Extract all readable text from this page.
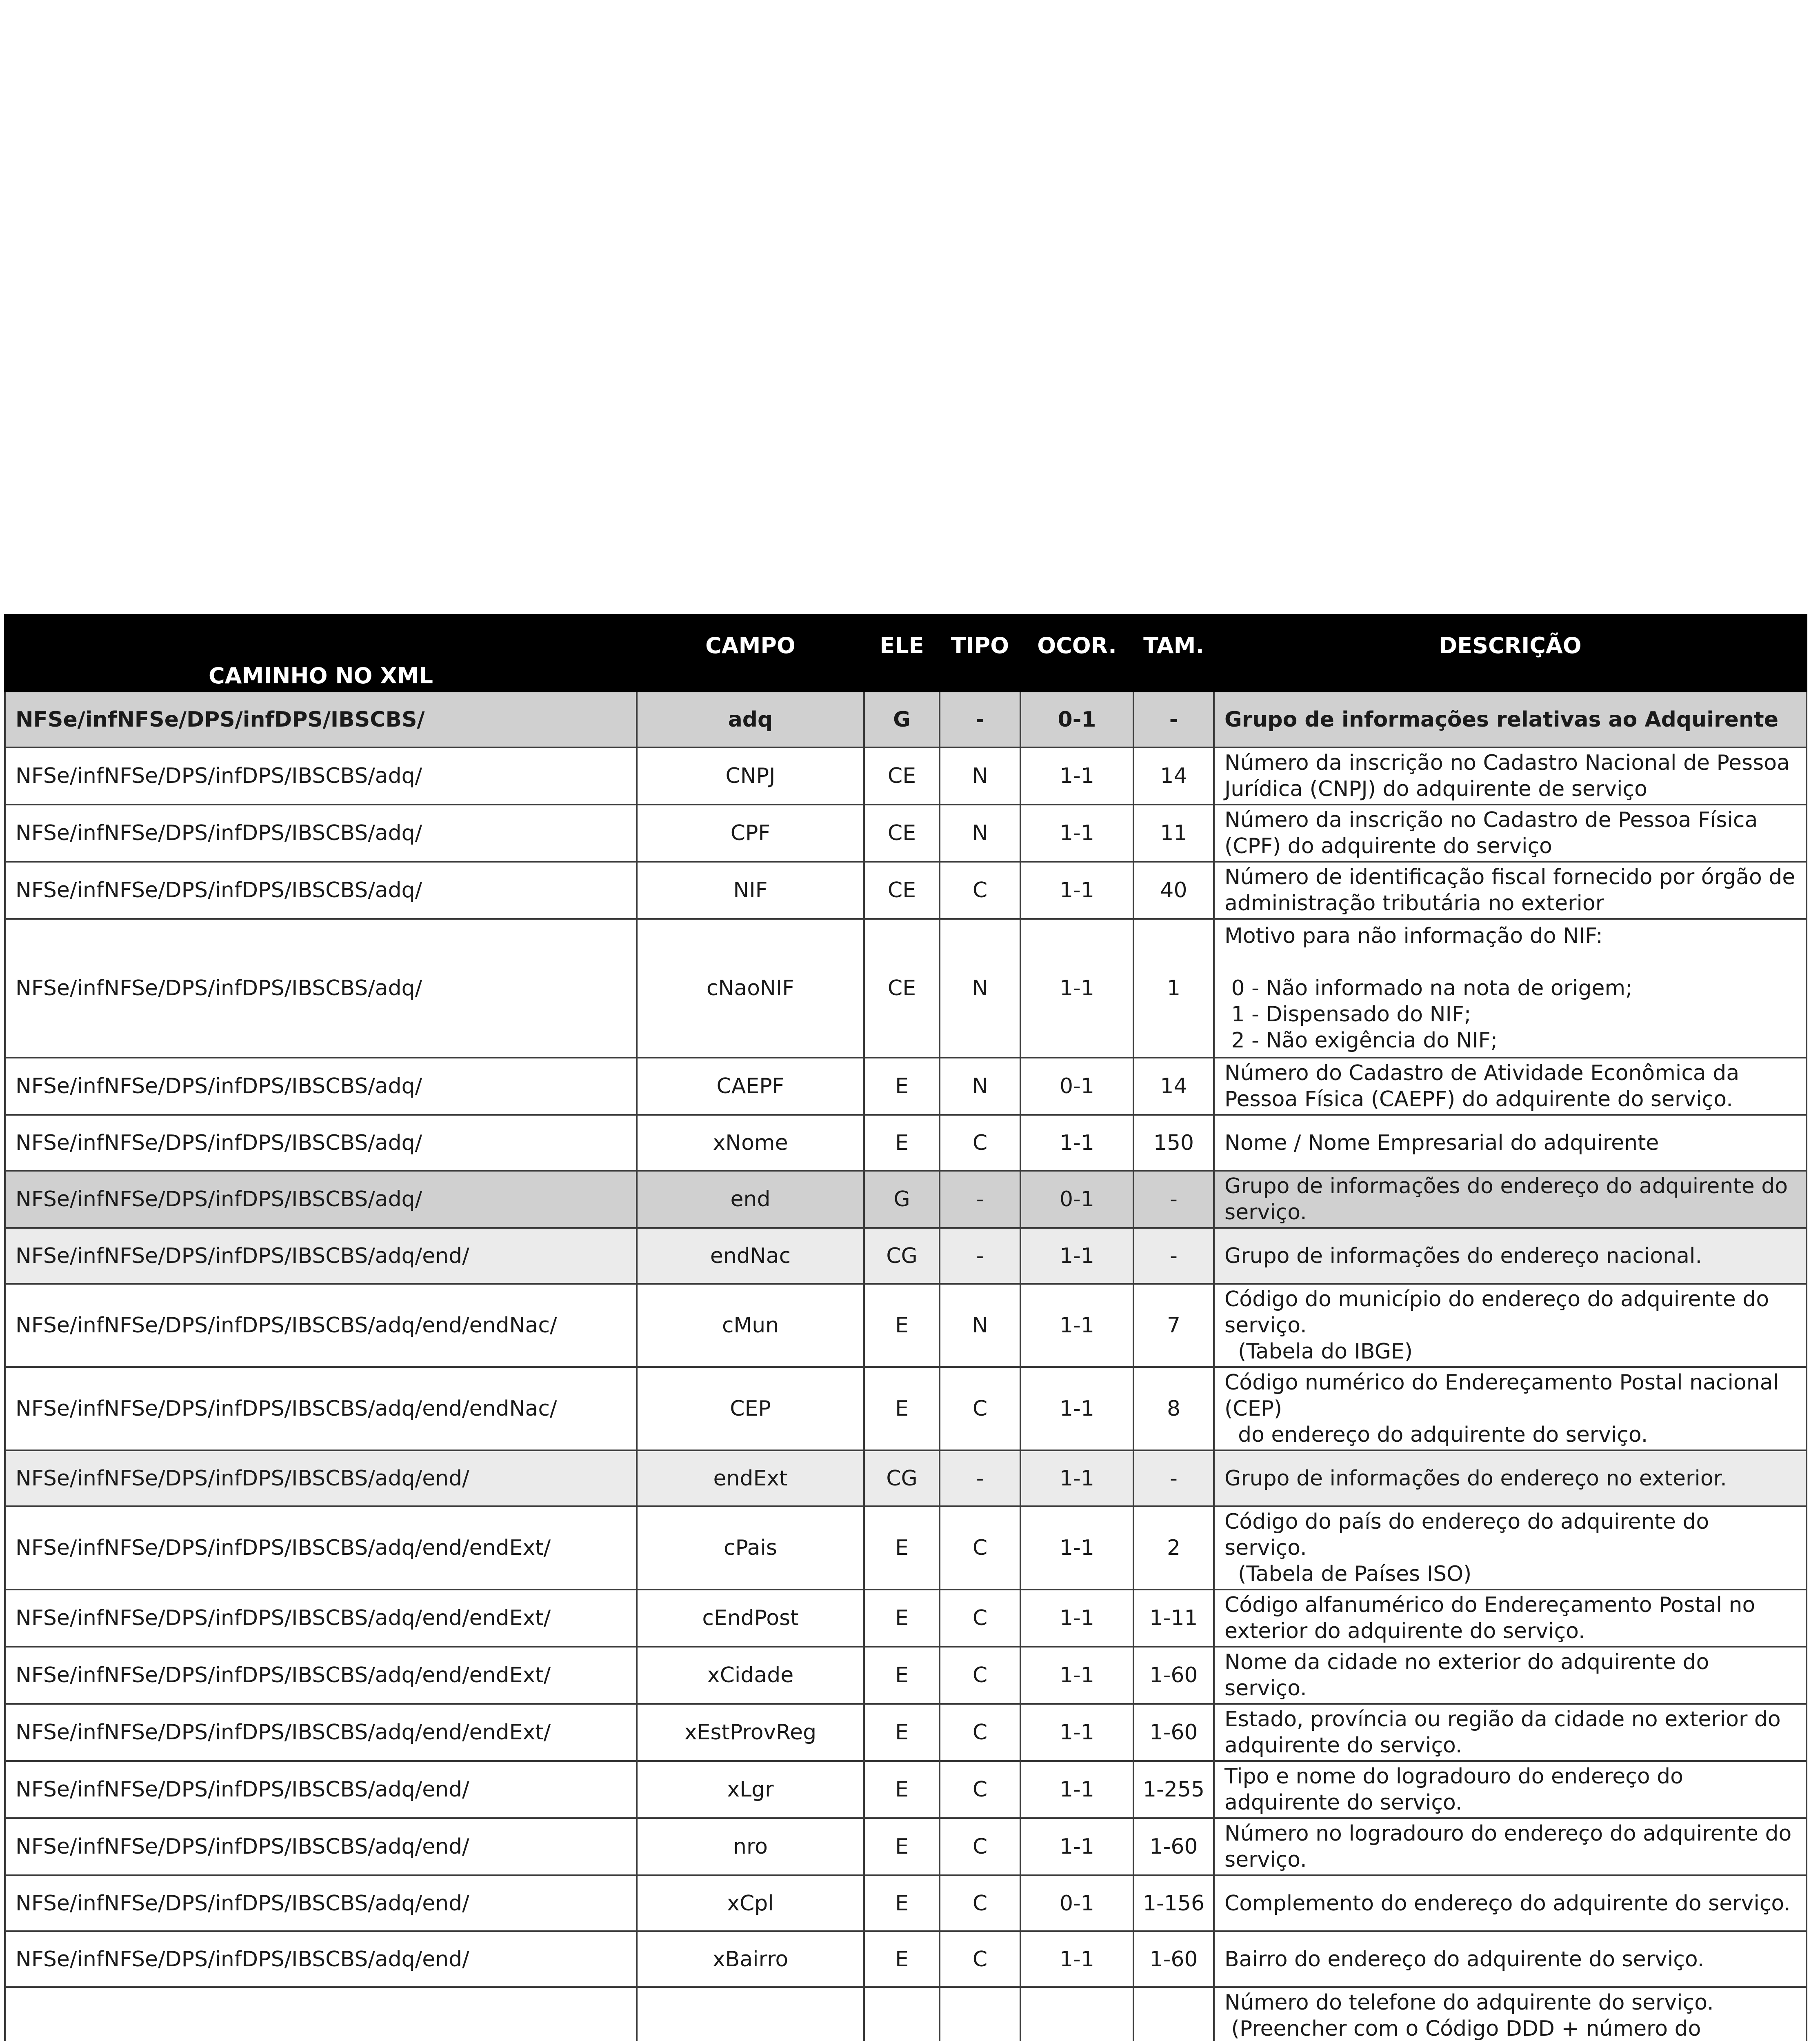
CAMINHO NO XML	CAMPO	ELE	TIPO	OCOR.	TAM.	DESCRIÇÃO
NFSe/infNFSe/DPS/infDPS/IBSCBS/	adq	G	-	0-1	-	Grupo de informações relativas ao Adquirente
NFSe/infNFSe/DPS/infDPS/IBSCBS/adq/	CNPJ	CE	N	1-1	14	Número da inscrição no Cadastro Nacional de Pessoa Jurídica (CNPJ) do adquirente de serviço
NFSe/infNFSe/DPS/infDPS/IBSCBS/adq/	CPF	CE	N	1-1	11	Número da inscrição no Cadastro de Pessoa Física (CPF) do adquirente do serviço
NFSe/infNFSe/DPS/infDPS/IBSCBS/adq/	NIF	CE	C	1-1	40	Número de identificação fiscal fornecido por órgão de administração tributária no exterior
NFSe/infNFSe/DPS/infDPS/IBSCBS/adq/	cNaoNIF	CE	N	1-1	1	Motivo para não informação do NIF:

0 - Não informado na nota de origem;
1 - Dispensado do NIF;
2 - Não exigência do NIF;
NFSe/infNFSe/DPS/infDPS/IBSCBS/adq/	CAEPF	E	N	0-1	14	Número do Cadastro de Atividade Econômica da Pessoa Física (CAEPF) do adquirente do serviço.
NFSe/infNFSe/DPS/infDPS/IBSCBS/adq/	xNome	E	C	1-1	150	Nome / Nome Empresarial do adquirente
NFSe/infNFSe/DPS/infDPS/IBSCBS/adq/	end	G	-	0-1	-	Grupo de informações do endereço do adquirente do serviço.
NFSe/infNFSe/DPS/infDPS/IBSCBS/adq/end/	endNac	CG	-	1-1	-	Grupo de informações do endereço nacional.
NFSe/infNFSe/DPS/infDPS/IBSCBS/adq/end/endNac/	cMun	E	N	1-1	7	Código do município do endereço do adquirente do serviço.
(Tabela do IBGE)
NFSe/infNFSe/DPS/infDPS/IBSCBS/adq/end/endNac/	CEP	E	C	1-1	8	Código numérico do Endereçamento Postal nacional (CEP)
do endereço do adquirente do serviço.
NFSe/infNFSe/DPS/infDPS/IBSCBS/adq/end/	endExt	CG	-	1-1	-	Grupo de informações do endereço no exterior.
NFSe/infNFSe/DPS/infDPS/IBSCBS/adq/end/endExt/	cPais	E	C	1-1	2	Código do país do endereço do adquirente do serviço.
(Tabela de Países ISO)
NFSe/infNFSe/DPS/infDPS/IBSCBS/adq/end/endExt/	cEndPost	E	C	1-1	1-11	Código alfanumérico do Endereçamento Postal no exterior do adquirente do serviço.
NFSe/infNFSe/DPS/infDPS/IBSCBS/adq/end/endExt/	xCidade	E	C	1-1	1-60	Nome da cidade no exterior do adquirente do serviço.
NFSe/infNFSe/DPS/infDPS/IBSCBS/adq/end/endExt/	xEstProvReg	E	C	1-1	1-60	Estado, província ou região da cidade no exterior do adquirente do serviço.
NFSe/infNFSe/DPS/infDPS/IBSCBS/adq/end/	xLgr	E	C	1-1	1-255	Tipo e nome do logradouro do endereço do adquirente do serviço.
NFSe/infNFSe/DPS/infDPS/IBSCBS/adq/end/	nro	E	C	1-1	1-60	Número no logradouro do endereço do adquirente do serviço.
NFSe/infNFSe/DPS/infDPS/IBSCBS/adq/end/	xCpl	E	C	0-1	1-156	Complemento do endereço do adquirente do serviço.
NFSe/infNFSe/DPS/infDPS/IBSCBS/adq/end/	xBairro	E	C	1-1	1-60	Bairro do endereço do adquirente do serviço.
						Número do telefone do adquirente do serviço.
(Preencher com o Código DDD + número do
